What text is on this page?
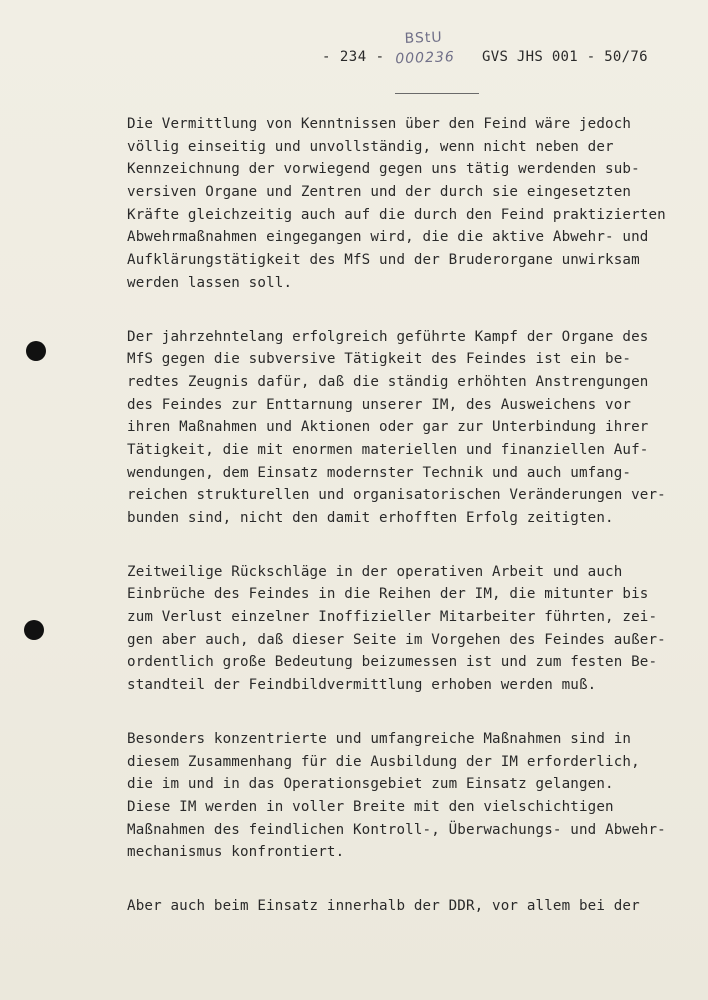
- 234 -
BStU
000236 GVS JHS 001 - 50/76
Die Vermittlung von Kenntnissen über den Feind wäre jedoch
völlig einseitig und unvollständig, wenn nicht neben der
Kennzeichnung der vorwiegend gegen uns tätig werdenden sub-
versiven Organe und Zentren und der durch sie eingesetzten
Kräfte gleichzeitig auch auf die durch den Feind praktizierten
Abwehrmaßnahmen eingegangen wird, die die aktive Abwehr- und
Aufklärungstätigkeit des MfS und der Bruderorgane unwirksam
werden lassen soll.
Der jahrzehntelang erfolgreich geführte Kampf der Organe des
MfS gegen die subversive Tätigkeit des Feindes ist ein be-
redtes Zeugnis dafür, daß die ständig erhöhten Anstrengungen
des Feindes zur Enttarnung unserer IM, des Ausweichens vor
ihren Maßnahmen und Aktionen oder gar zur Unterbindung ihrer
Tätigkeit, die mit enormen materiellen und finanziellen Auf-
wendungen, dem Einsatz modernster Technik und auch umfang-
reichen strukturellen und organisatorischen Veränderungen ver-
bunden sind, nicht den damit erhofften Erfolg zeitigten.
Zeitweilige Rückschläge in der operativen Arbeit und auch
Einbrüche des Feindes in die Reihen der IM, die mitunter bis
zum Verlust einzelner Inoffizieller Mitarbeiter führten, zei-
gen aber auch, daß dieser Seite im Vorgehen des Feindes außer-
ordentlich große Bedeutung beizumessen ist und zum festen Be-
standteil der Feindbildvermittlung erhoben werden muß.
Besonders konzentrierte und umfangreiche Maßnahmen sind in
diesem Zusammenhang für die Ausbildung der IM erforderlich,
die im und in das Operationsgebiet zum Einsatz gelangen.
Diese IM werden in voller Breite mit den vielschichtigen
Maßnahmen des feindlichen Kontroll-, Überwachungs- und Abwehr-
mechanismus konfrontiert.
Aber auch beim Einsatz innerhalb der DDR, vor allem bei der
